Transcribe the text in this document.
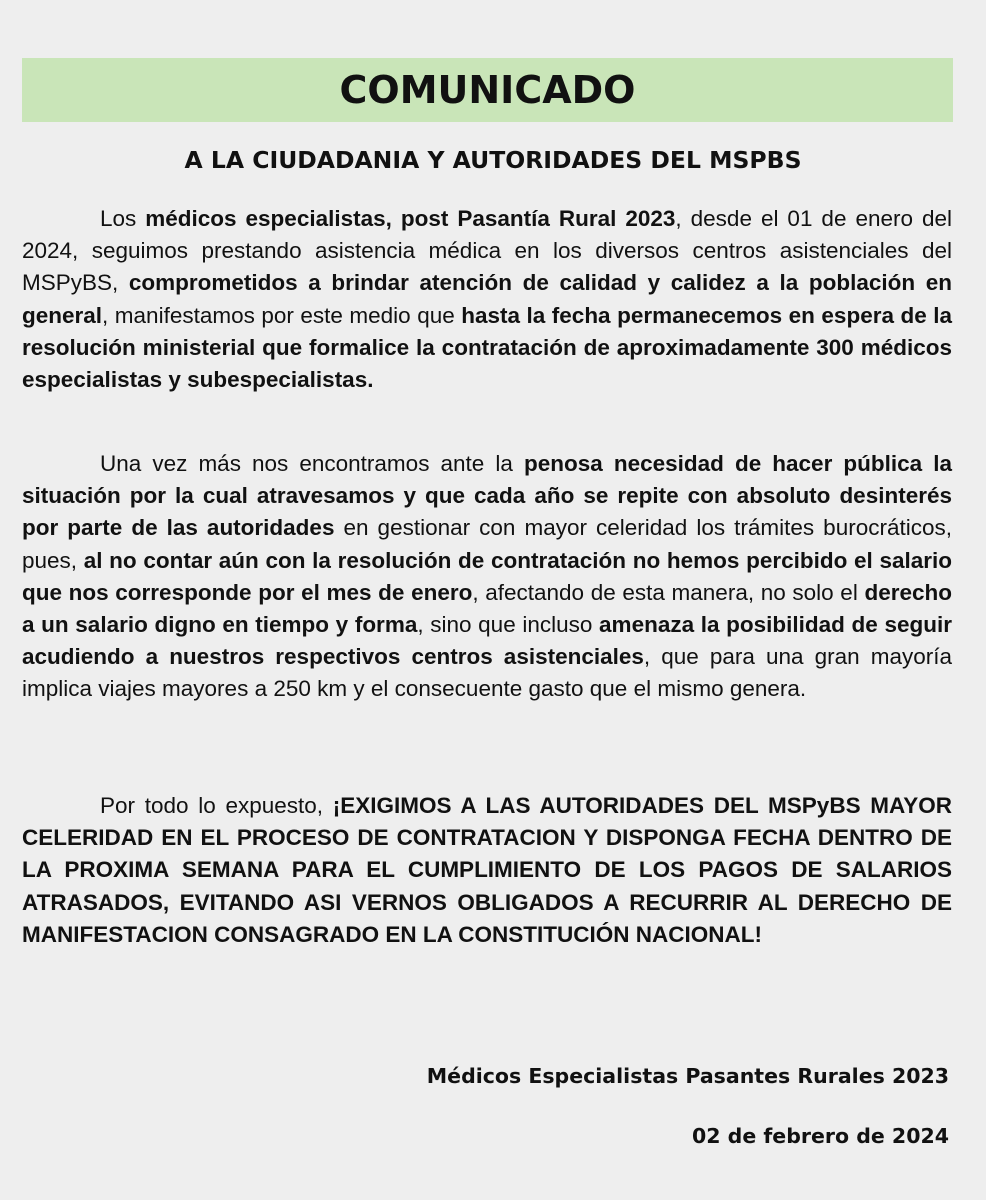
COMUNICADO
A LA CIUDADANIA Y AUTORIDADES DEL MSPBS

Los médicos especialistas, post Pasantía Rural 2023, desde el 01 de enero del 2024, seguimos prestando asistencia médica en los diversos centros asistenciales del MSPyBS, comprometidos a brindar atención de calidad y calidez a la población en general, manifestamos por este medio que hasta la fecha permanecemos en espera de la resolución ministerial que formalice la contratación de aproximadamente 300 médicos especialistas y subespecialistas.

Una vez más nos encontramos ante la penosa necesidad de hacer pública la situación por la cual atravesamos y que cada año se repite con absoluto desinterés por parte de las autoridades en gestionar con mayor celeridad los trámites burocráticos, pues, al no contar aún con la resolución de contratación no hemos percibido el salario que nos corresponde por el mes de enero, afectando de esta manera, no solo el derecho a un salario digno en tiempo y forma, sino que incluso amenaza la posibilidad de seguir acudiendo a nuestros respectivos centros asistenciales, que para una gran mayoría implica viajes mayores a 250 km y el consecuente gasto que el mismo genera.

Por todo lo expuesto, ¡EXIGIMOS A LAS AUTORIDADES DEL MSPyBS MAYOR CELERIDAD EN EL PROCESO DE CONTRATACION Y DISPONGA FECHA DENTRO DE LA PROXIMA SEMANA PARA EL CUMPLIMIENTO DE LOS PAGOS DE SALARIOS ATRASADOS, EVITANDO ASI VERNOS OBLIGADOS A RECURRIR AL DERECHO DE MANIFESTACION CONSAGRADO EN LA CONSTITUCIÓN NACIONAL!

Médicos Especialistas Pasantes Rurales 2023
02 de febrero de 2024
